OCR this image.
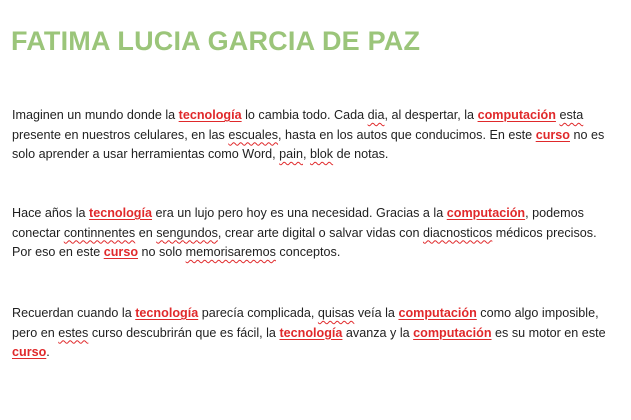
FATIMA LUCIA GARCIA DE PAZ

Imaginen un mundo donde la tecnología lo cambia todo. Cada dia, al despertar, la computación esta presente en nuestros celulares, en las escuales, hasta en los autos que conducimos. En este curso no es solo aprender a usar herramientas como Word, pain, blok de notas.

Hace años la tecnología era un lujo pero hoy es una necesidad. Gracias a la computación, podemos conectar continnentes en sengundos, crear arte digital o salvar vidas con diacnosticos médicos precisos. Por eso en este curso no solo memorisaremos conceptos.

Recuerdan cuando la tecnología parecía complicada, quisas veía la computación como algo imposible, pero en estes curso descubrirán que es fácil, la tecnología avanza y la computación es su motor en este curso.
